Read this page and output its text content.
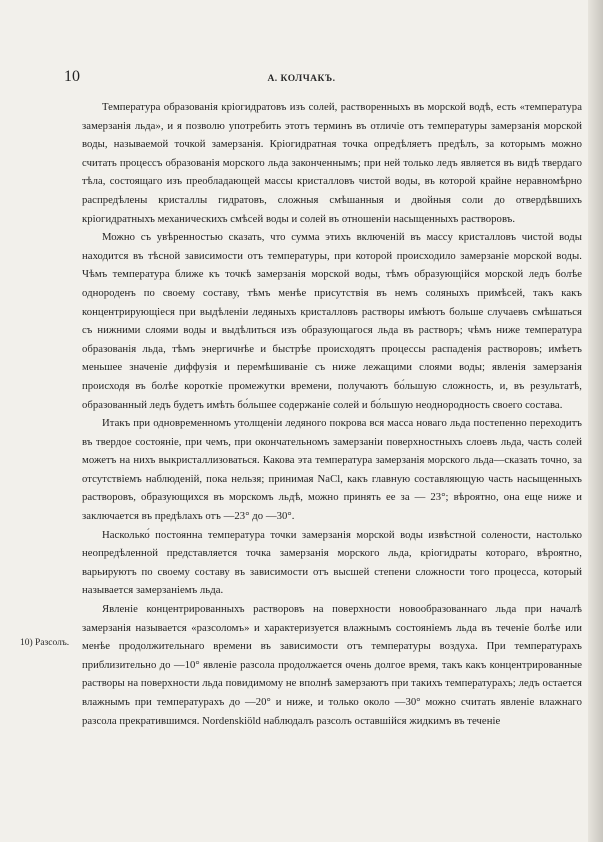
10	А. КОЛЧАКЪ.

Температура образованія кріогидратовъ изъ солей, растворенныхъ въ морской водѣ, есть «температура замерзанія льда», и я позволю употребить этотъ терминъ въ отличіе отъ температуры замерзанія морской воды, называемой точкой замерзанія. Кріогидратная точка опредѣляетъ предѣлъ, за которымъ можно считать процессъ образованія морского льда законченнымъ; при ней только ледъ является въ видѣ твердаго тѣла, состоящаго изъ преобладающей массы кристалловъ чистой воды, въ которой крайне неравномѣрно распредѣлены кристаллы гидратовъ, сложныя смѣшанныя и двойныя соли до отвердѣвшихъ кріогидратныхъ механическихъ смѣсей воды и солей въ отношеніи насыщенныхъ растворовъ.

Можно съ увѣренностью сказать, что сумма этихъ включеній въ массу кристалловъ чистой воды находится въ тѣсной зависимости отъ температуры, при которой происходило замерзаніе морской воды. Чѣмъ температура ближе къ точкѣ замерзанія морской воды, тѣмъ образующійся морской ледъ болѣе однороденъ по своему составу, тѣмъ менѣе присутствія въ немъ соляныхъ примѣсей, такъ какъ концентрирующіеся при выдѣленіи ледяныхъ кристалловъ растворы имѣютъ больше случаевъ смѣшаться съ нижними слоями воды и выдѣлиться изъ образующагося льда въ растворъ; чѣмъ ниже температура образованія льда, тѣмъ энергичнѣе и быстрѣе происходятъ процессы распаденія растворовъ; имѣетъ меньшее значеніе диффузія и перемѣшиваніе съ ниже лежащими слоями воды; явленія замерзанія происходя въ болѣе короткіе промежутки времени, получаютъ бо́льшую сложность, и, въ результатѣ, образованный ледъ будетъ имѣть бо́льшее содержаніе солей и бо́льшую неоднородность своего состава.

Итакъ при одновременномъ утолщеніи ледяного покрова вся масса новаго льда постепенно переходитъ въ твердое состояніе, при чемъ, при окончательномъ замерзаніи поверхностныхъ слоевъ льда, часть солей можетъ на нихъ выкристаллизоваться. Какова эта температура замерзанія морского льда—сказать точно, за отсутствіемъ наблюденій, пока нельзя; принимая NaCl, какъ главную составляющую часть насыщенныхъ растворовъ, образующихся въ морскомъ льдѣ, можно принять ее за — 23°; вѣроятно, она еще ниже и заключается въ предѣлахъ отъ —23° до —30°.

Насколько́ постоянна температура точки замерзанія морской воды извѣстной солености, настолько неопредѣленной представляется точка замерзанія морского льда, кріогидраты котораго, вѣроятно, варьируютъ по своему составу въ зависимости отъ высшей степени сложности того процесса, который называется замерзаніемъ льда.

Явленіе концентрированныхъ растворовъ на поверхности новообразованнаго льда при началѣ замерзанія называется «разсоломъ» и характеризуется влажнымъ состояніемъ льда въ теченіе болѣе или менѣе продолжительнаго времени въ зависимости отъ температуры воздуха. При температурахъ приблизительно до —10° явленіе разсола продолжается очень долгое время, такъ какъ концентрированные растворы на поверхности льда повидимому не вполнѣ замерзаютъ при такихъ температурахъ; ледъ остается влажнымъ при температурахъ до —20° и ниже, и только около —30° можно считать явленіе влажнаго разсола прекратившимся. Nordenskiöld наблюдалъ разсолъ оставшійся жидкимъ въ теченіе

10) Разсолъ.
